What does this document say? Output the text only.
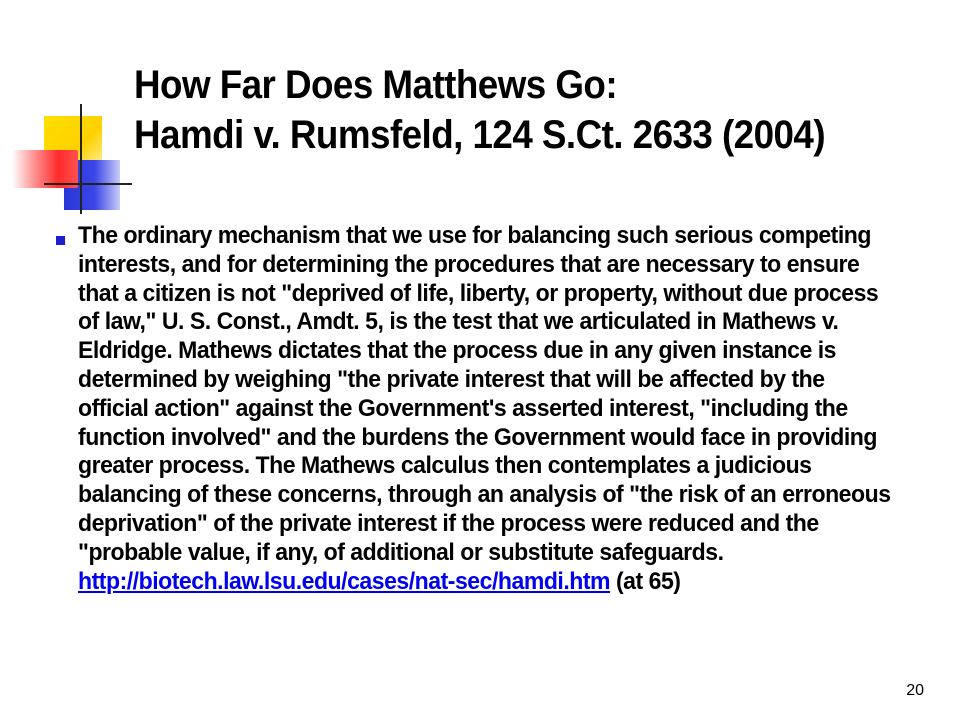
How Far Does Matthews Go:
Hamdi v. Rumsfeld, 124 S.Ct. 2633 (2004)

The ordinary mechanism that we use for balancing such serious competing interests, and for determining the procedures that are necessary to ensure that a citizen is not "deprived of life, liberty, or property, without due process of law," U. S. Const., Amdt. 5, is the test that we articulated in Mathews v. Eldridge. Mathews dictates that the process due in any given instance is determined by weighing "the private interest that will be affected by the official action" against the Government's asserted interest, "including the function involved" and the burdens the Government would face in providing greater process. The Mathews calculus then contemplates a judicious balancing of these concerns, through an analysis of "the risk of an erroneous deprivation" of the private interest if the process were reduced and the "probable value, if any, of additional or substitute safeguards. http://biotech.law.lsu.edu/cases/nat-sec/hamdi.htm (at 65)

20
